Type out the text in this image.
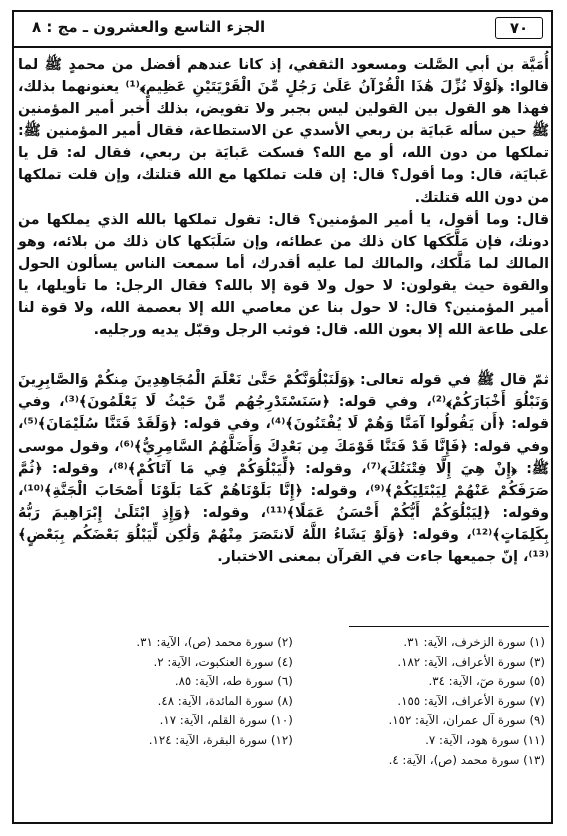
٧٠
الجزء التاسع والعشرون ـ مج : ٨

أُمَيَّة بن أبي الصَّلت ومسعود الثقفي، إذ كانا عندهم أفضل من محمدٍ ﷺ لما قالوا: ﴿لَوْلَا نُزِّلَ هَٰذَا الْقُرْآنُ عَلَىٰ رَجُلٍ مِّنَ الْقَرْيَتَيْنِ عَظِيمٍ﴾⁽¹⁾ يعنونهما بذلك، فهذا هو القول بين القولين ليس بجبر ولا تفويض، بذلك أخبر أمير المؤمنين ﷺ حين سأله عَبايَة بن ربعي الأسدي عن الاستطاعة، فقال أمير المؤمنين ﷺ: تملكها من دون الله، أو مع الله؟ فسكت عَبايَة بن ربعي، فقال له: قل يا عَبايَة، قال: وما أقول؟ قال: إن قلت تملكها مع الله قتلتك، وإن قلت تملكها من دون الله قتلتك.

قال: وما أقول، يا أمير المؤمنين؟ قال: تقول تملكها بالله الذي يملكها من دونك، فإن مَلَّكَكها كان ذلك من عطائه، وإن سَلَبَكها كان ذلك من بلائه، وهو المالك لما مَلَّكك، والمالك لما عليه أقدرك، أما سمعت الناس يسألون الحول والقوة حيث يقولون: لا حول ولا قوة إلا بالله؟ فقال الرجل: ما تأويلها، يا أمير المؤمنين؟ قال: لا حول بنا عن معاصي الله إلا بعصمة الله، ولا قوة لنا على طاعة الله إلا بعون الله. قال: فوثب الرجل وقبّل يديه ورجليه.

ثمّ قال ﷺ في قوله تعالى: ﴿وَلَنَبْلُوَنَّكُمْ حَتَّىٰ نَعْلَمَ الْمُجَاهِدِينَ مِنكُمْ وَالصَّابِرِينَ وَنَبْلُوَ أَخْبَارَكُمْ﴾⁽²⁾، وفي قوله: ﴿سَنَسْتَدْرِجُهُم مِّنْ حَيْثُ لَا يَعْلَمُونَ﴾⁽³⁾، وفي قوله: ﴿أَن يَقُولُوا آمَنَّا وَهُمْ لَا يُفْتَنُونَ﴾⁽⁴⁾، وفي قوله: ﴿وَلَقَدْ فَتَنَّا سُلَيْمَانَ﴾⁽⁵⁾، وفي قوله: ﴿فَإِنَّا قَدْ فَتَنَّا قَوْمَكَ مِن بَعْدِكَ وَأَضَلَّهُمُ السَّامِرِيُّ﴾⁽⁶⁾، وقول موسى ﷺ: ﴿إِنْ هِيَ إِلَّا فِتْنَتُكَ﴾⁽⁷⁾، وقوله: ﴿لِّيَبْلُوَكُمْ فِي مَا آتَاكُمْ﴾⁽⁸⁾، وقوله: ﴿ثُمَّ صَرَفَكُمْ عَنْهُمْ لِيَبْتَلِيَكُمْ﴾⁽⁹⁾، وقوله: ﴿إِنَّا بَلَوْنَاهُمْ كَمَا بَلَوْنَا أَصْحَابَ الْجَنَّةِ﴾⁽¹⁰⁾، وقوله: ﴿لِيَبْلُوَكُمْ أَيُّكُمْ أَحْسَنُ عَمَلًا﴾⁽¹¹⁾، وقوله: ﴿وَإِذِ ابْتَلَىٰ إِبْرَاهِيمَ رَبُّهُ بِكَلِمَاتٍ﴾⁽¹²⁾، وقوله: ﴿وَلَوْ يَشَاءُ اللَّهُ لَانتَصَرَ مِنْهُمْ وَلَٰكِن لِّيَبْلُوَ بَعْضَكُم بِبَعْضٍ﴾⁽¹³⁾، إنّ جميعها جاءت في القرآن بمعنى الاختبار.

(١) سورة الزخرف، الآية: ٣١.
(٢) سورة محمد (ص)، الآية: ٣١.
(٣) سورة الأعراف، الآية: ١٨٢.
(٤) سورة العنكبوت، الآية: ٢.
(٥) سورة صٓ، الآية: ٣٤.
(٦) سورة طه، الآية: ٨٥.
(٧) سورة الأعراف، الآية: ١٥٥.
(٨) سورة المائدة، الآية: ٤٨.
(٩) سورة آل عمران، الآية: ١٥٢.
(١٠) سورة القلم، الآية: ١٧.
(١١) سورة هود، الآية: ٧.
(١٢) سورة البقرة، الآية: ١٢٤.
(١٣) سورة محمد (ص)، الآية: ٤.
